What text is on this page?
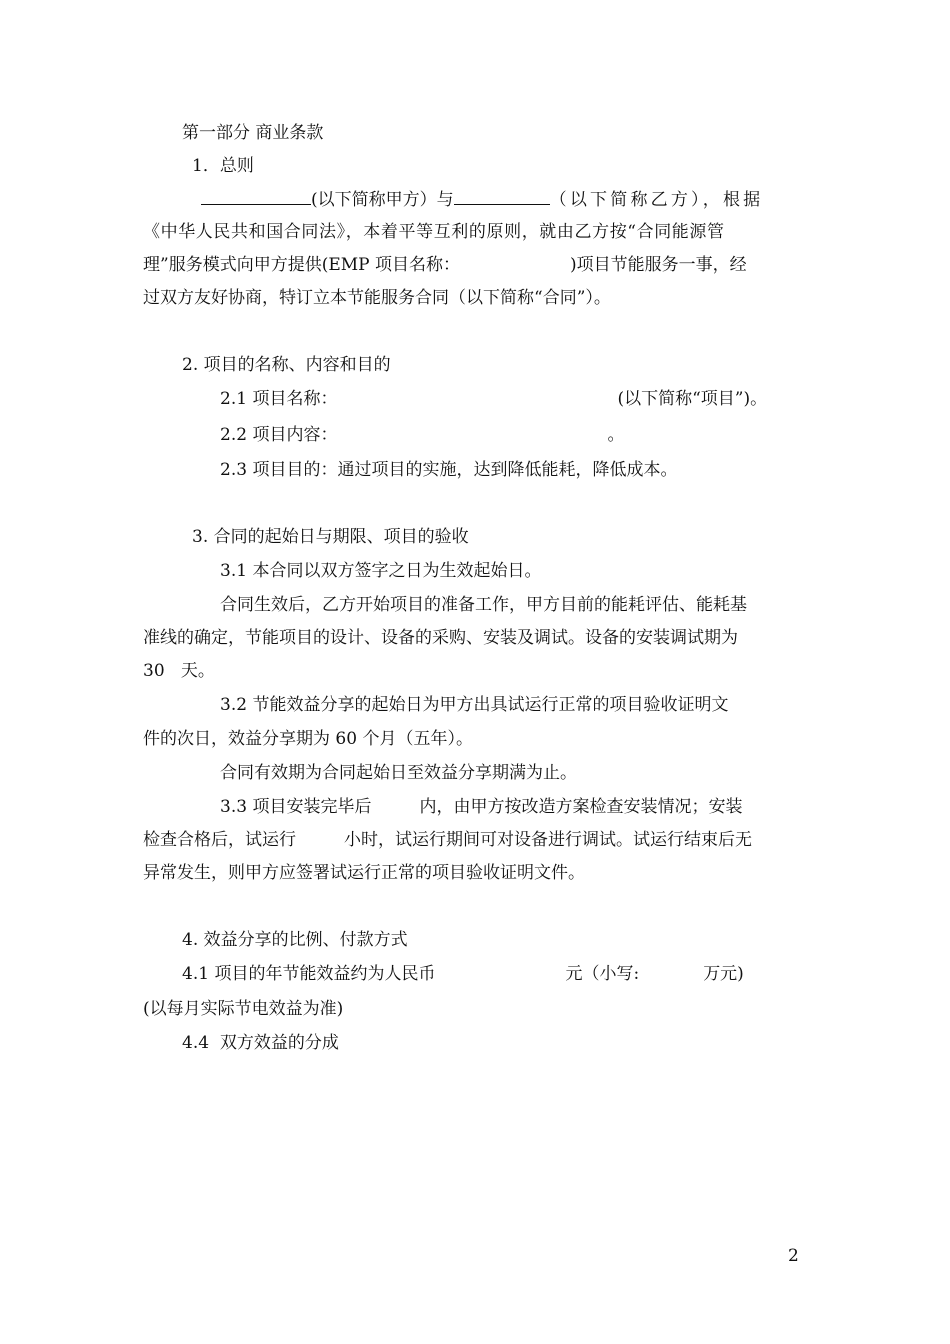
第一部分 商业条款
1．总则
(以下简称甲方）与	（以下简称乙方），根据
《中华人民共和国合同法》，本着平等互利的原则，就由乙方按“合同能源管
理”服务模式向甲方提供(EMP 项目名称：	)项目节能服务一事，经
过双方友好协商，特订立本节能服务合同（以下简称“合同”）。
2. 项目的名称、内容和目的
2.1 项目名称：	(以下简称“项目”)。
2.2 项目内容：	。
2.3 项目目的：通过项目的实施，达到降低能耗，降低成本。
3. 合同的起始日与期限、项目的验收
3.1 本合同以双方签字之日为生效起始日。
合同生效后，乙方开始项目的准备工作，甲方目前的能耗评估、能耗基
准线的确定，节能项目的设计、设备的采购、安装及调试。设备的安装调试期为
30   天。
3.2 节能效益分享的起始日为甲方出具试运行正常的项目验收证明文
件的次日，效益分享期为 60 个月（五年）。
合同有效期为合同起始日至效益分享期满为止。
3.3 项目安装完毕后	内，由甲方按改造方案检查安装情况；安装
检查合格后，试运行	小时，试运行期间可对设备进行调试。试运行结束后无
异常发生，则甲方应签署试运行正常的项目验收证明文件。
4. 效益分享的比例、付款方式
4.1 项目的年节能效益约为人民币	元（小写:	万元)
(以每月实际节电效益为准)
4.4  双方效益的分成
2
